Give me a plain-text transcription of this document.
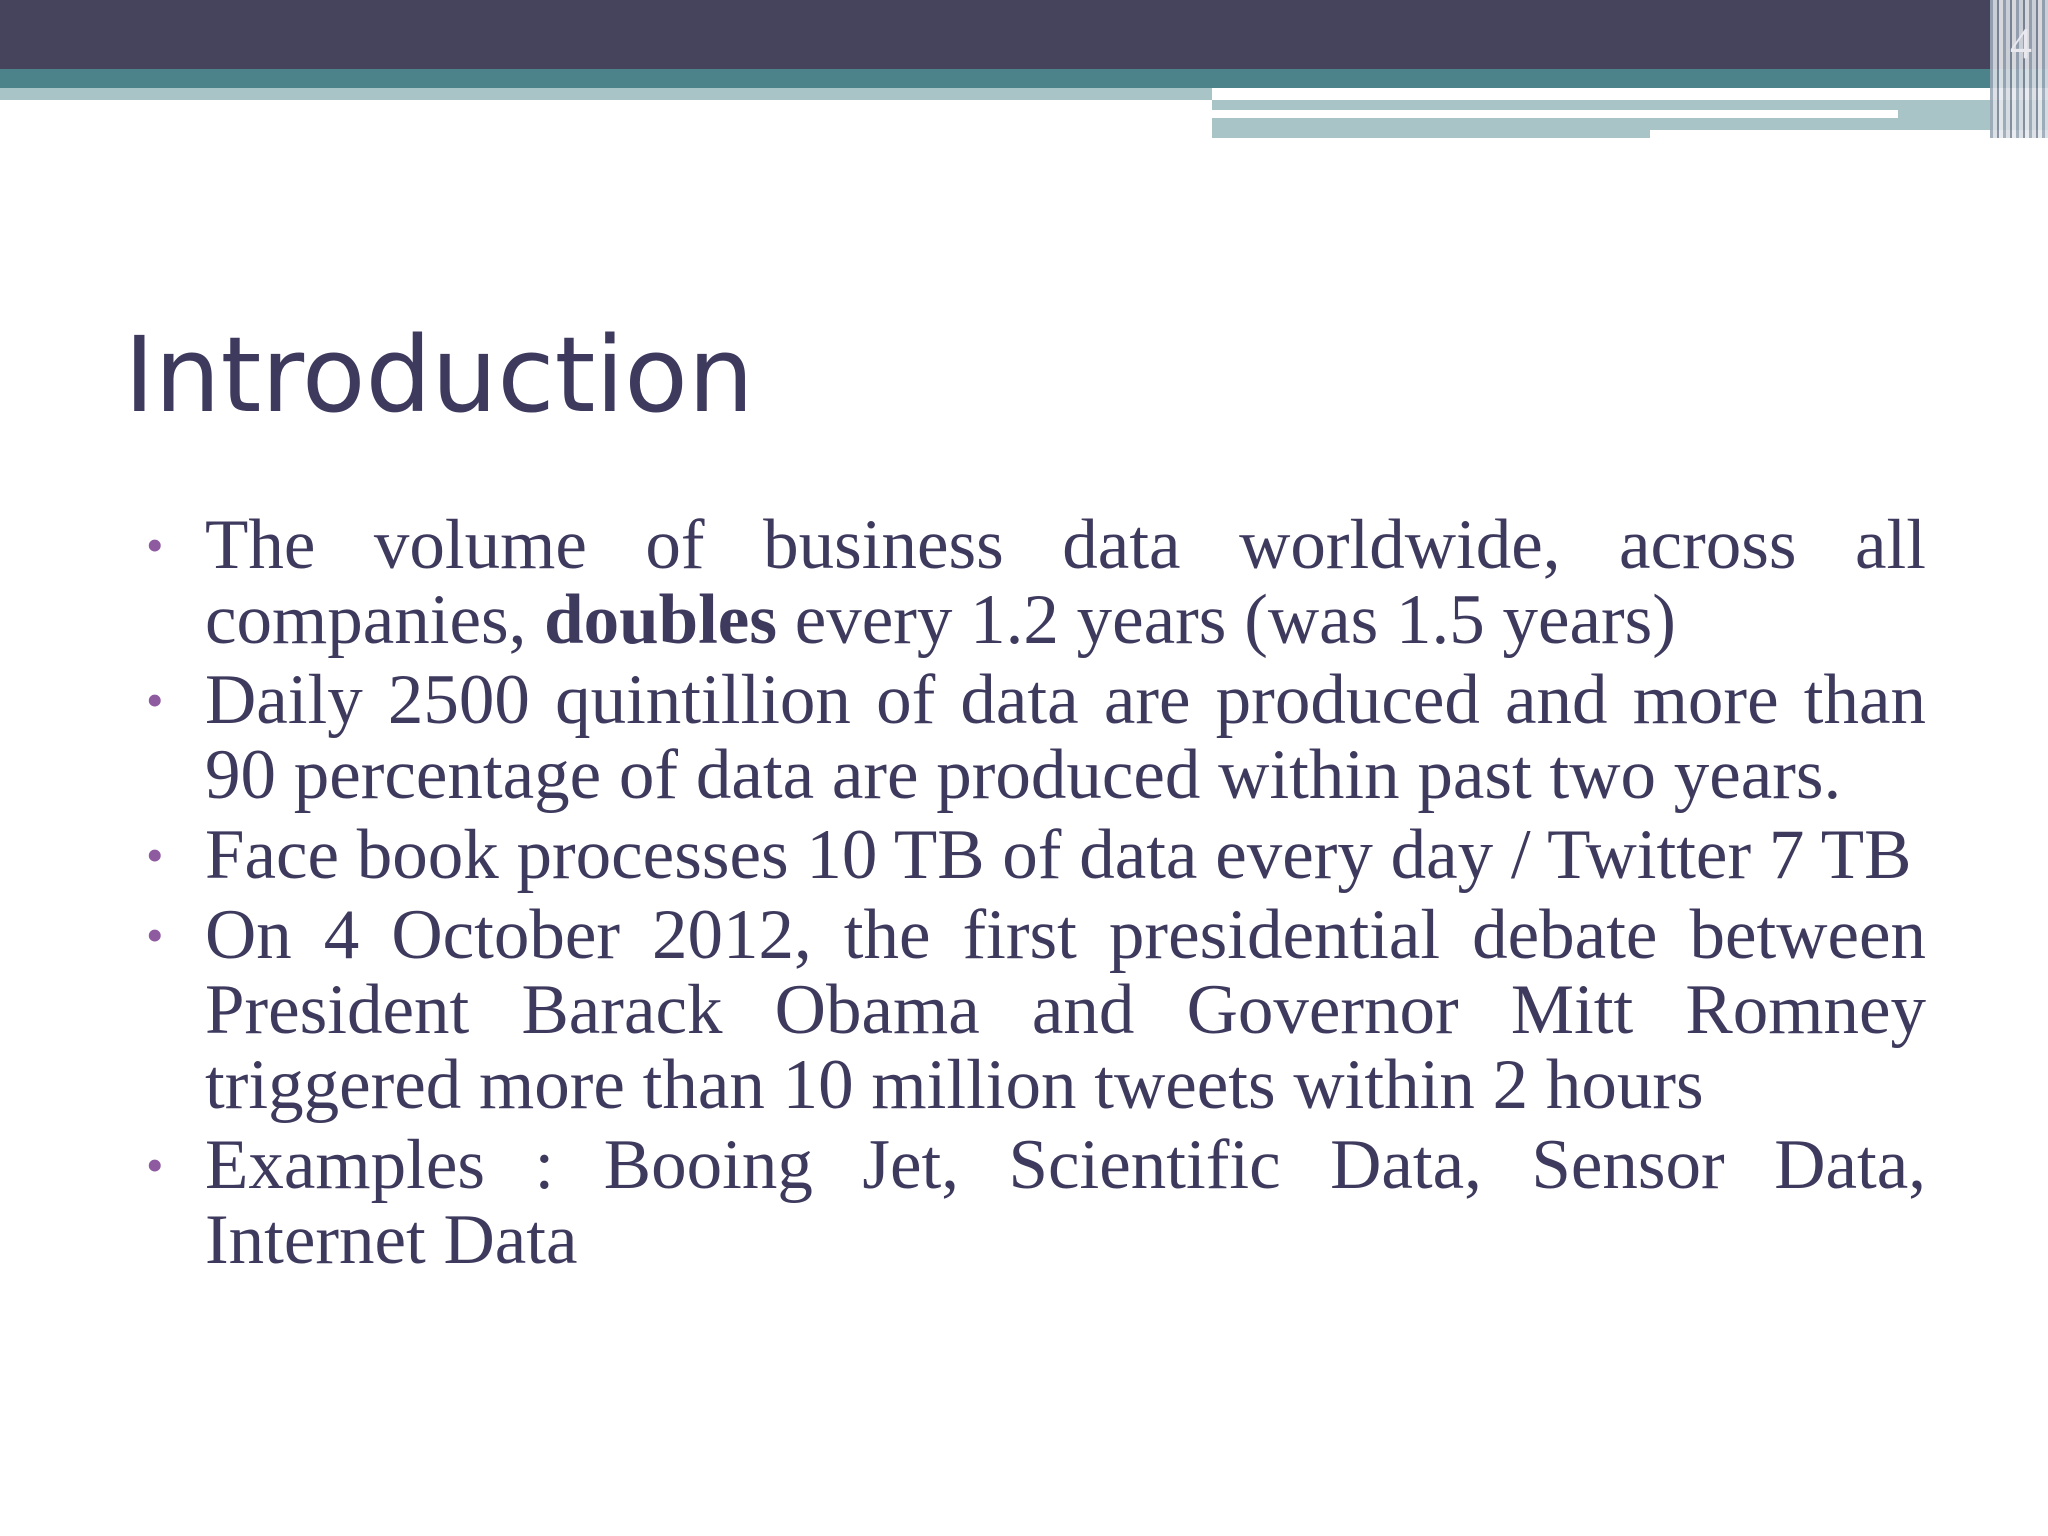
4
Introduction
• The volume of business data worldwide, across all companies, doubles every 1.2 years (was 1.5 years)
• Daily 2500 quintillion of data are produced and more than 90 percentage of data are produced within past two years.
• Face book processes 10 TB of data every day / Twitter 7 TB
• On 4 October 2012, the first presidential debate between President Barack Obama and Governor Mitt Romney triggered more than 10 million tweets within 2 hours
• Examples : Booing Jet, Scientific Data, Sensor Data, Internet Data
